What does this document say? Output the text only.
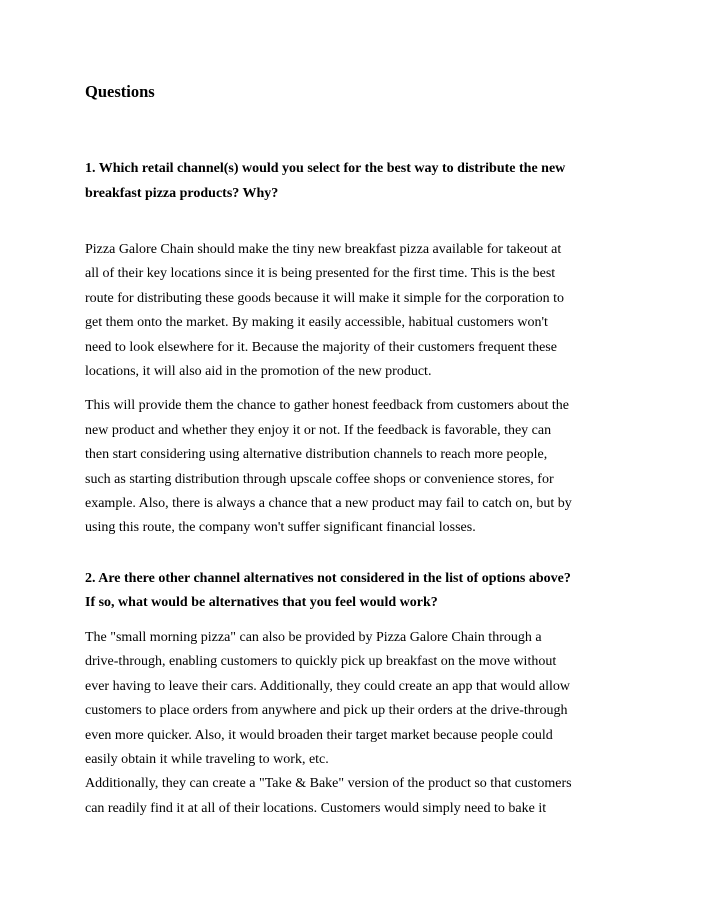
Questions
1. Which retail channel(s) would you select for the best way to distribute the new
breakfast pizza products? Why?
Pizza Galore Chain should make the tiny new breakfast pizza available for takeout at
all of their key locations since it is being presented for the first time. This is the best
route for distributing these goods because it will make it simple for the corporation to
get them onto the market. By making it easily accessible, habitual customers won't
need to look elsewhere for it. Because the majority of their customers frequent these
locations, it will also aid in the promotion of the new product.
This will provide them the chance to gather honest feedback from customers about the
new product and whether they enjoy it or not. If the feedback is favorable, they can
then start considering using alternative distribution channels to reach more people,
such as starting distribution through upscale coffee shops or convenience stores, for
example. Also, there is always a chance that a new product may fail to catch on, but by
using this route, the company won't suffer significant financial losses.
2. Are there other channel alternatives not considered in the list of options above?
If so, what would be alternatives that you feel would work?
The "small morning pizza" can also be provided by Pizza Galore Chain through a
drive-through, enabling customers to quickly pick up breakfast on the move without
ever having to leave their cars. Additionally, they could create an app that would allow
customers to place orders from anywhere and pick up their orders at the drive-through
even more quicker. Also, it would broaden their target market because people could
easily obtain it while traveling to work, etc.
Additionally, they can create a "Take & Bake" version of the product so that customers
can readily find it at all of their locations. Customers would simply need to bake it
